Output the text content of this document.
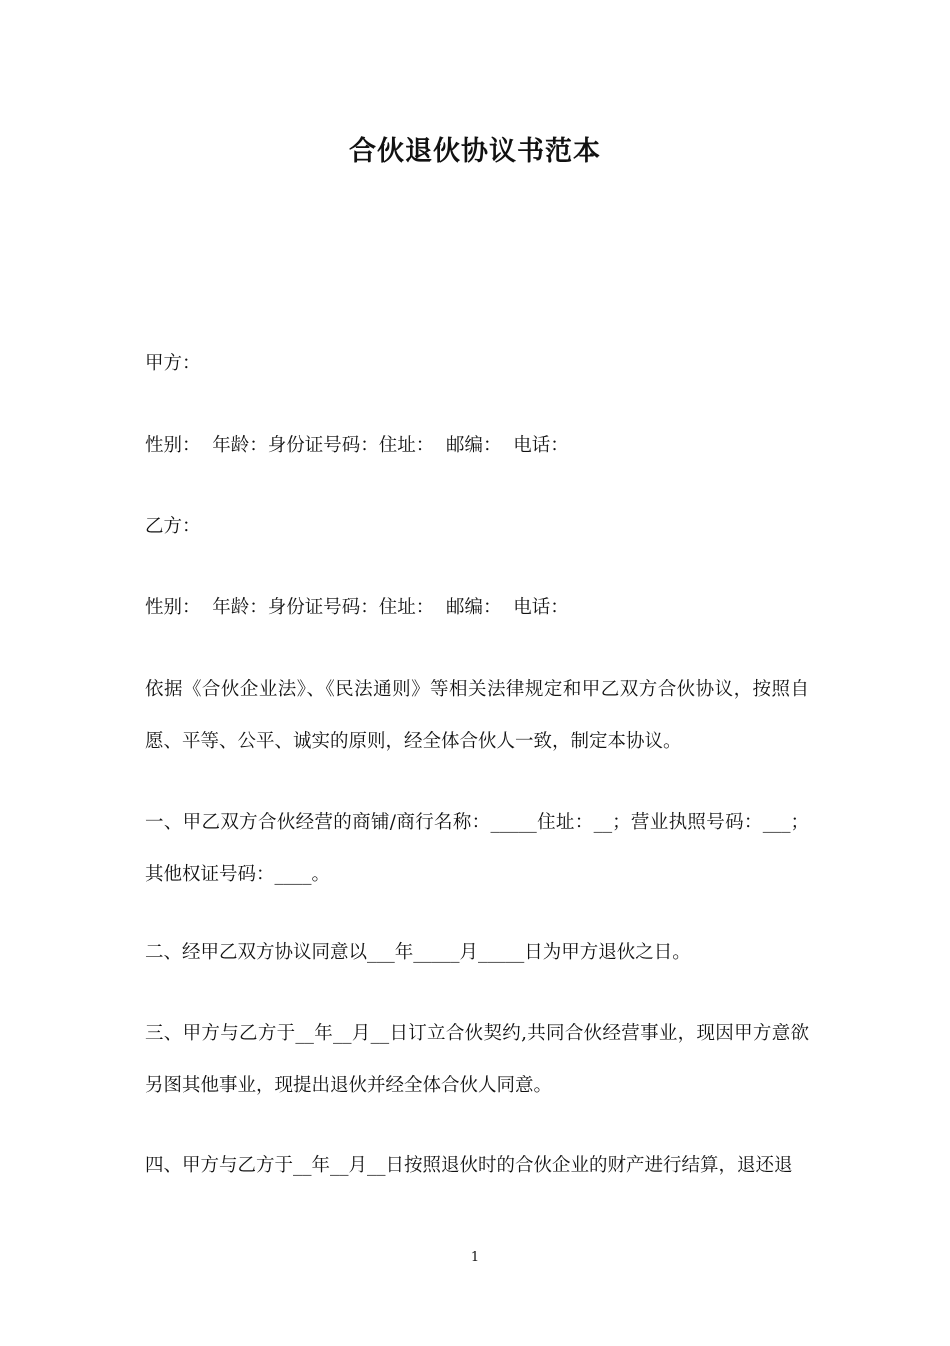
合伙退伙协议书范本
甲方：
性别：  年龄：身份证号码：住址：  邮编：  电话：
乙方：
性别：  年龄：身份证号码：住址：  邮编：  电话：
依据《合伙企业法》、《民法通则》等相关法律规定和甲乙双方合伙协议，按照自愿、平等、公平、诚实的原则，经全体合伙人一致，制定本协议。
一、甲乙双方合伙经营的商铺/商行名称：_____住址：__；营业执照号码：___；其他权证号码：____。
二、经甲乙双方协议同意以___年_____月_____日为甲方退伙之日。
三、甲方与乙方于__年__月__日订立合伙契约,共同合伙经营事业，现因甲方意欲另图其他事业，现提出退伙并经全体合伙人同意。
四、甲方与乙方于__年__月__日按照退伙时的合伙企业的财产进行结算，退还退
1
